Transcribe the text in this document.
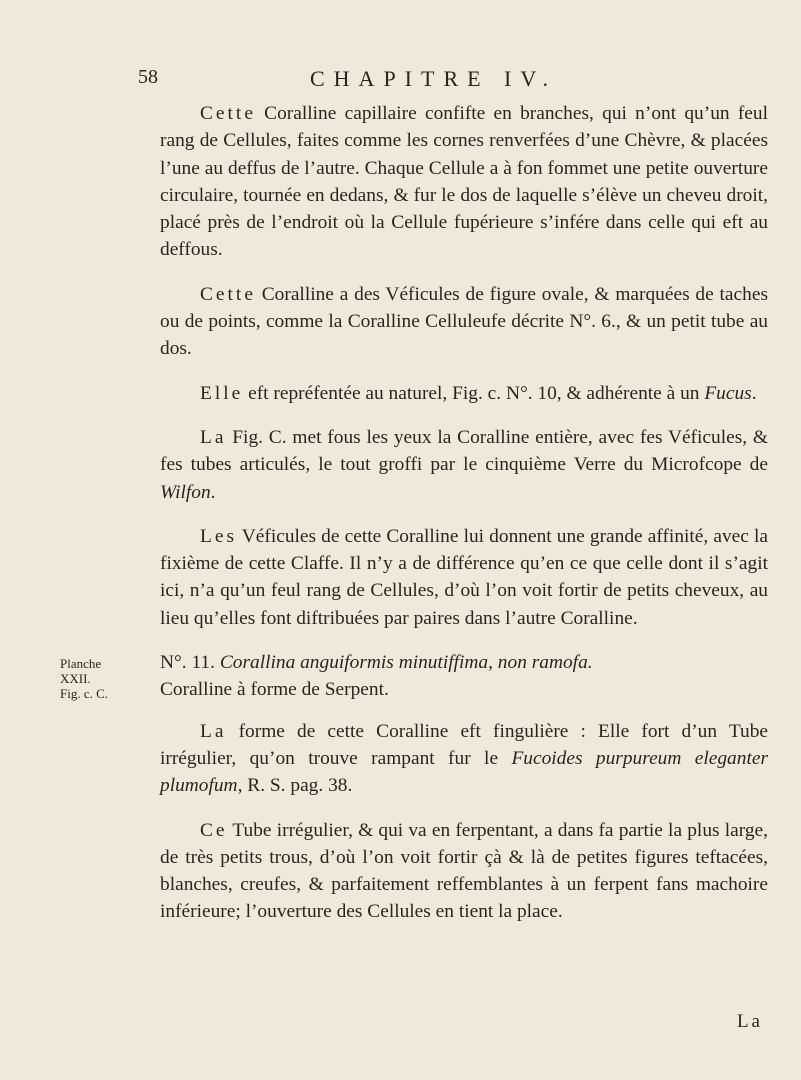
58	CHAPITRE IV.
Planche
XXII.
Fig. c. C.

Cette Coralline capillaire confifte en branches, qui n’ont qu’un feul rang de Cellules, faites comme les cornes renverfées d’une Chèvre, & placées l’une au deffus de l’autre. Chaque Cellule a à fon fommet une petite ouverture circulaire, tournée en dedans, & fur le dos de laquelle s’élève un cheveu droit, placé près de l’endroit où la Cellule fupérieure s’infére dans celle qui eft au deffous.

Cette Coralline a des Véficules de figure ovale, & marquées de taches ou de points, comme la Coralline Celluleufe décrite N°. 6., & un petit tube au dos.

Elle eft repréfentée au naturel, Fig. c. N°. 10, & adhérente à un Fucus.

La Fig. C. met fous les yeux la Coralline entière, avec fes Véficules, & fes tubes articulés, le tout groffi par le cinquième Verre du Microfcope de Wilfon.

Les Véficules de cette Coralline lui donnent une grande affinité, avec la fixième de cette Claffe. Il n’y a de différence qu’en ce que celle dont il s’agit ici, n’a qu’un feul rang de Cellules, d’où l’on voit fortir de petits cheveux, au lieu qu’elles font diftribuées par paires dans l’autre Coralline.

N°. 11. Corallina anguiformis minutiffima, non ramofa.
Coralline à forme de Serpent.

La forme de cette Coralline eft fingulière : Elle fort d’un Tube irrégulier, qu’on trouve rampant fur le Fucoides purpureum eleganter plumofum, R. S. pag. 38.

Ce Tube irrégulier, & qui va en ferpentant, a dans fa partie la plus large, de très petits trous, d’où l’on voit fortir çà & là de petites figures teftacées, blanches, creufes, & parfaitement reffemblantes à un ferpent fans machoire inférieure; l’ouverture des Cellules en tient la place.

La
